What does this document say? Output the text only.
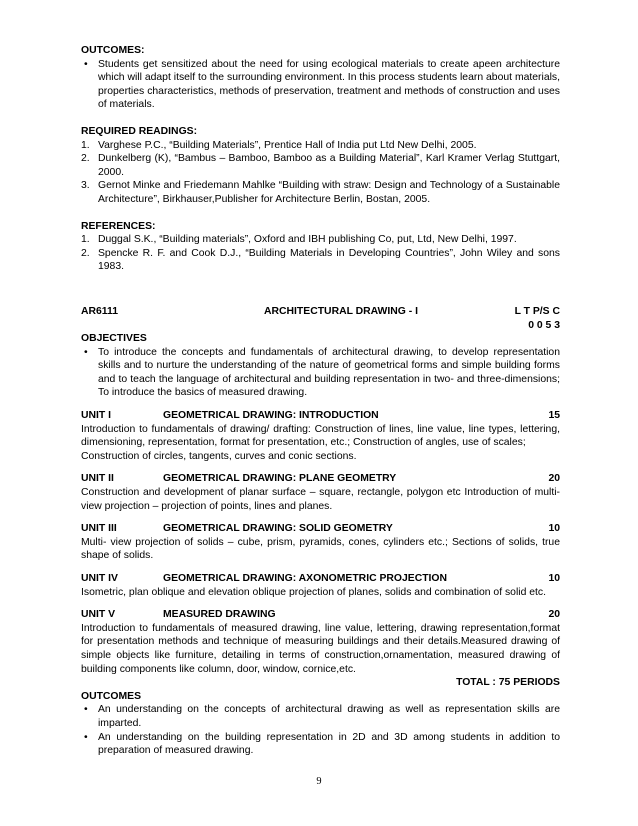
OUTCOMES:

• Students get sensitized about the need for using ecological materials to create apeen architecture which will adapt itself to the surrounding environment. In this process students learn about materials, properties characteristics, methods of preservation, treatment and methods of construction and uses of materials.

REQUIRED READINGS:

1. Varghese P.C., “Building Materials”, Prentice Hall of India put Ltd New Delhi, 2005.
2. Dunkelberg (K), “Bambus – Bamboo, Bamboo as a Building Material”, Karl Kramer Verlag Stuttgart, 2000.
3. Gernot Minke and Friedemann Mahlke “Building with straw: Design and Technology of a Sustainable Architecture”, Birkhauser,Publisher for Architecture Berlin, Bostan, 2005.

REFERENCES:

1. Duggal S.K., “Building materials”, Oxford and IBH publishing Co, put, Ltd, New Delhi, 1997.
2. Spencke R. F. and Cook D.J., “Building Materials in Developing Countries”, John Wiley and sons 1983.
AR6111	ARCHITECTURAL DRAWING - I	L T P/S C

0 0 5 3

OBJECTIVES

• To introduce the concepts and fundamentals of architectural drawing, to develop representation skills and to nurture the understanding of the nature of geometrical forms and simple building forms and to teach the language of architectural and building representation in two- and three-dimensions; To introduce the basics of measured drawing.
UNIT I	GEOMETRICAL DRAWING: INTRODUCTION	15

Introduction to fundamentals of drawing/ drafting: Construction of lines, line value, line types, lettering, dimensioning, representation, format for presentation, etc.; Construction of angles, use of scales;

Construction of circles, tangents, curves and conic sections.

UNIT II	GEOMETRICAL DRAWING: PLANE GEOMETRY	20

Construction and development of planar surface – square, rectangle, polygon etc Introduction of multi- view projection – projection of points, lines and planes.

UNIT III	GEOMETRICAL DRAWING: SOLID GEOMETRY	10

Multi- view projection of solids – cube, prism, pyramids, cones, cylinders etc.; Sections of solids, true shape of solids.

UNIT IV	GEOMETRICAL DRAWING: AXONOMETRIC PROJECTION	10

Isometric, plan oblique and elevation oblique projection of planes, solids and combination of solid etc.

UNIT V	MEASURED DRAWING	20

Introduction to fundamentals of measured drawing, line value, lettering, drawing representation,format for presentation methods and technique of measuring buildings and their details.Measured drawing of simple objects like furniture, detailing in terms of construction,ornamentation, measured drawing of building components like column, door, window, cornice,etc.

TOTAL : 75 PERIODS

OUTCOMES

• An understanding on the concepts of architectural drawing as well as representation skills are imparted.
• An understanding on the building representation in 2D and 3D among students in addition to preparation of measured drawing.
9
